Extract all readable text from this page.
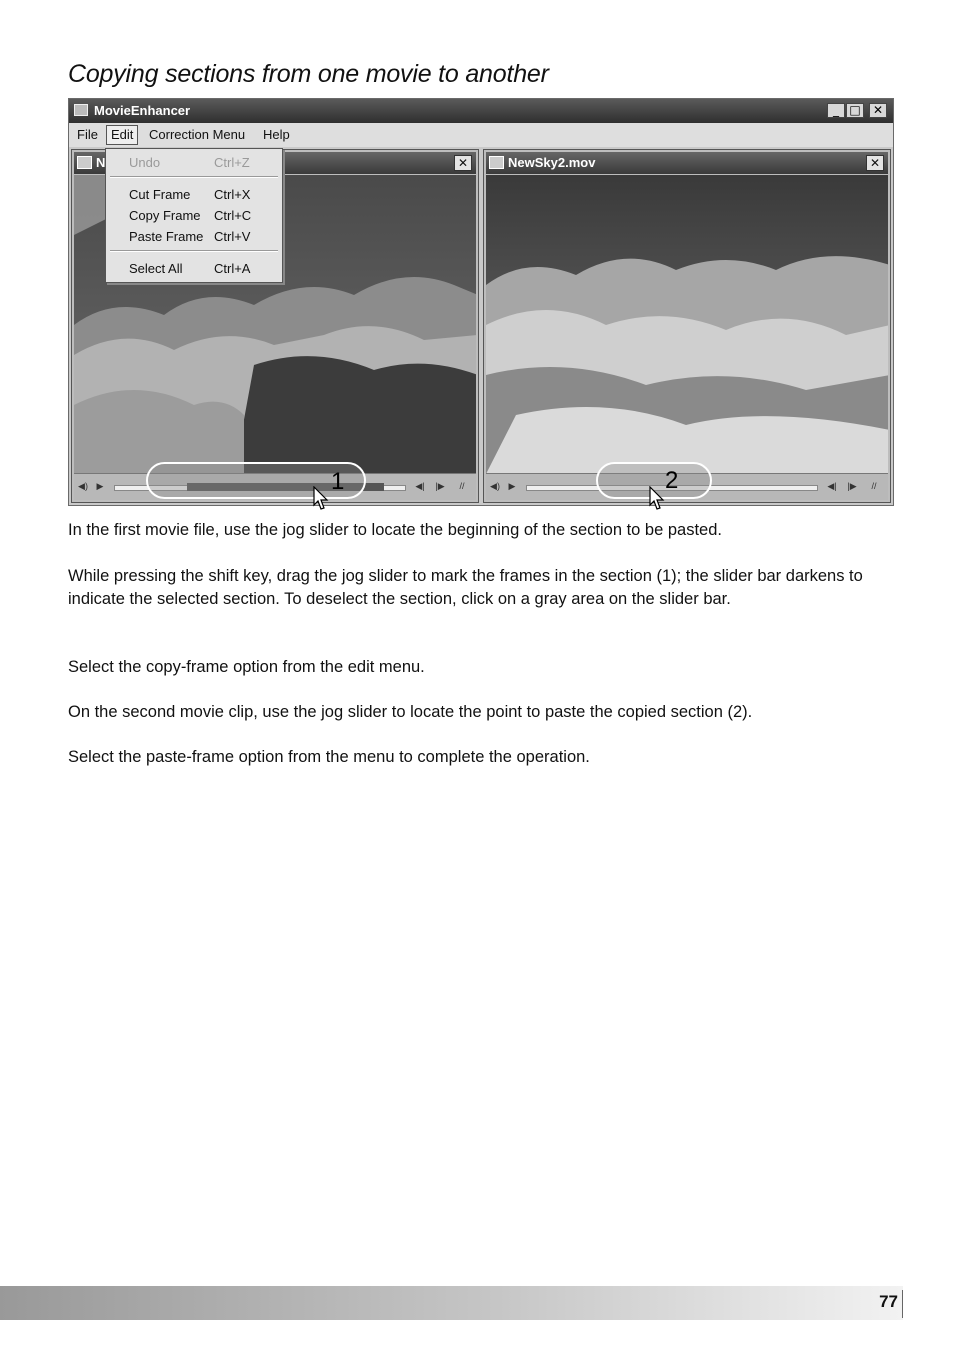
Copying sections from one movie to another
MovieEnhancer	_ □	✕
File	Edit	Correction Menu Help
N	✕
◀) ▶	◀| |▶	//
NewSky2.mov	✕
◀) ▶	◀| |▶	//
Undo	Ctrl+Z
Cut Frame Ctrl+X
Copy Frame Ctrl+C
Paste Frame Ctrl+V
Select All Ctrl+A
1	2

In the first movie file, use the jog slider to locate the beginning of the section to be pasted.

While pressing the shift key, drag the jog slider to mark the frames in the section (1); the slider bar darkens to indicate the selected section. To deselect the section, click on a gray area on the slider bar.

Select the copy-frame option from the edit menu.

On the second movie clip, use the jog slider to locate the point to paste the copied section (2).

Select the paste-frame option from the menu to complete the operation.

77
